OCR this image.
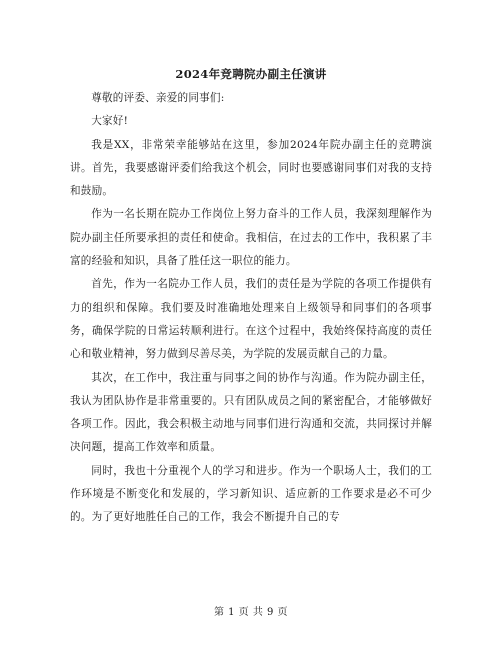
2024年竞聘院办副主任演讲

尊敬的评委、亲爱的同事们:

大家好!

我是XX，非常荣幸能够站在这里，参加2024年院办副主任的竞聘演讲。首先，我要感谢评委们给我这个机会，同时也要感谢同事们对我的支持和鼓励。

作为一名长期在院办工作岗位上努力奋斗的工作人员，我深刻理解作为院办副主任所要承担的责任和使命。我相信，在过去的工作中，我积累了丰富的经验和知识，具备了胜任这一职位的能力。

首先，作为一名院办工作人员，我们的责任是为学院的各项工作提供有力的组织和保障。我们要及时准确地处理来自上级领导和同事们的各项事务，确保学院的日常运转顺利进行。在这个过程中，我始终保持高度的责任心和敬业精神，努力做到尽善尽美，为学院的发展贡献自己的力量。

其次，在工作中，我注重与同事之间的协作与沟通。作为院办副主任，我认为团队协作是非常重要的。只有团队成员之间的紧密配合，才能够做好各项工作。因此，我会积极主动地与同事们进行沟通和交流，共同探讨并解决问题，提高工作效率和质量。

同时，我也十分重视个人的学习和进步。作为一个职场人士，我们的工作环境是不断变化和发展的，学习新知识、适应新的工作要求是必不可少的。为了更好地胜任自己的工作，我会不断提升自己的专

第 1 页 共 9 页
